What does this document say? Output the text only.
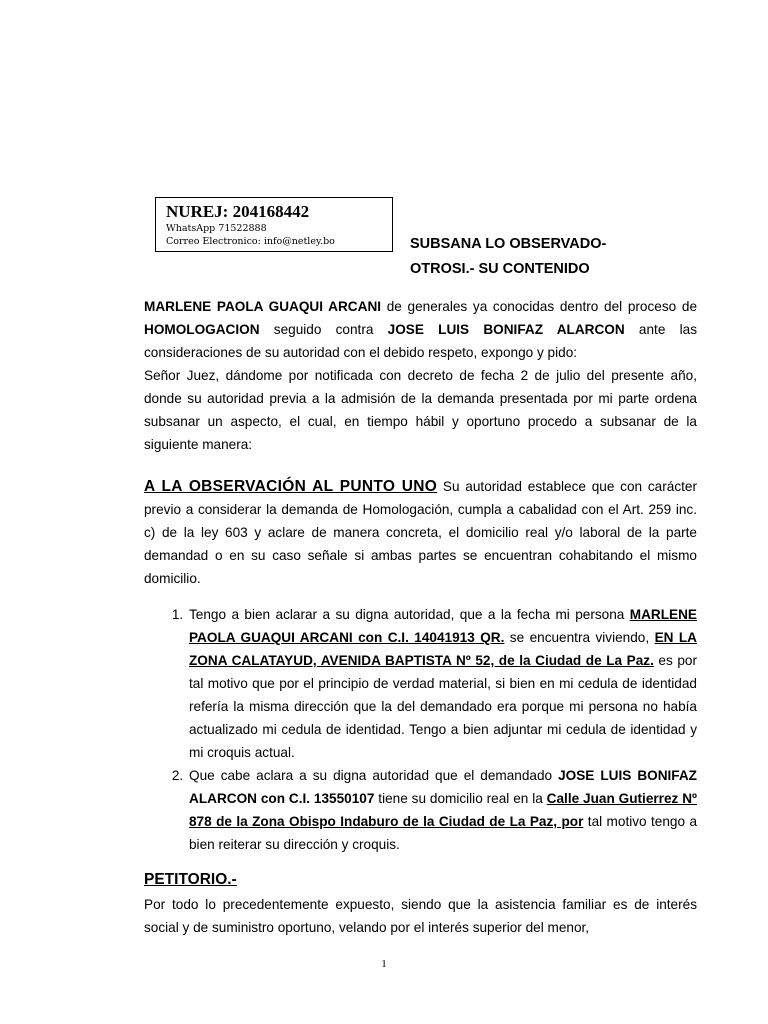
NUREJ: 204168442
WhatsApp 71522888
Correo Electronico: info@netley.bo	SUBSANA LO OBSERVADO-
OTROSI.- SU CONTENIDO

MARLENE PAOLA GUAQUI ARCANI de generales ya conocidas dentro del proceso de HOMOLOGACION seguido contra JOSE LUIS BONIFAZ ALARCON ante las consideraciones de su autoridad con el debido respeto, expongo y pido:

Señor Juez, dándome por notificada con decreto de fecha 2 de julio del presente año, donde su autoridad previa a la admisión de la demanda presentada por mi parte ordena subsanar un aspecto, el cual, en tiempo hábil y oportuno procedo a subsanar de la siguiente manera:

A LA OBSERVACIÓN AL PUNTO UNO Su autoridad establece que con carácter previo a considerar la demanda de Homologación, cumpla a cabalidad con el Art. 259 inc. c) de la ley 603 y aclare de manera concreta, el domicilio real y/o laboral de la parte demandad o en su caso señale si ambas partes se encuentran cohabitando el mismo domicilio.

1. Tengo a bien aclarar a su digna autoridad, que a la fecha mi persona MARLENE PAOLA GUAQUI ARCANI con C.I. 14041913 QR. se encuentra viviendo, EN LA ZONA CALATAYUD, AVENIDA BAPTISTA Nº 52, de la Ciudad de La Paz. es por tal motivo que por el principio de verdad material, si bien en mi cedula de identidad refería la misma dirección que la del demandado era porque mi persona no había actualizado mi cedula de identidad. Tengo a bien adjuntar mi cedula de identidad y mi croquis actual.
2. Que cabe aclara a su digna autoridad que el demandado JOSE LUIS BONIFAZ ALARCON con C.I. 13550107 tiene su domicilio real en la Calle Juan Gutierrez Nº 878 de la Zona Obispo Indaburo de la Ciudad de La Paz, por tal motivo tengo a bien reiterar su dirección y croquis.
PETITORIO.-

Por todo lo precedentemente expuesto, siendo que la asistencia familiar es de interés social y de suministro oportuno, velando por el interés superior del menor,

1
